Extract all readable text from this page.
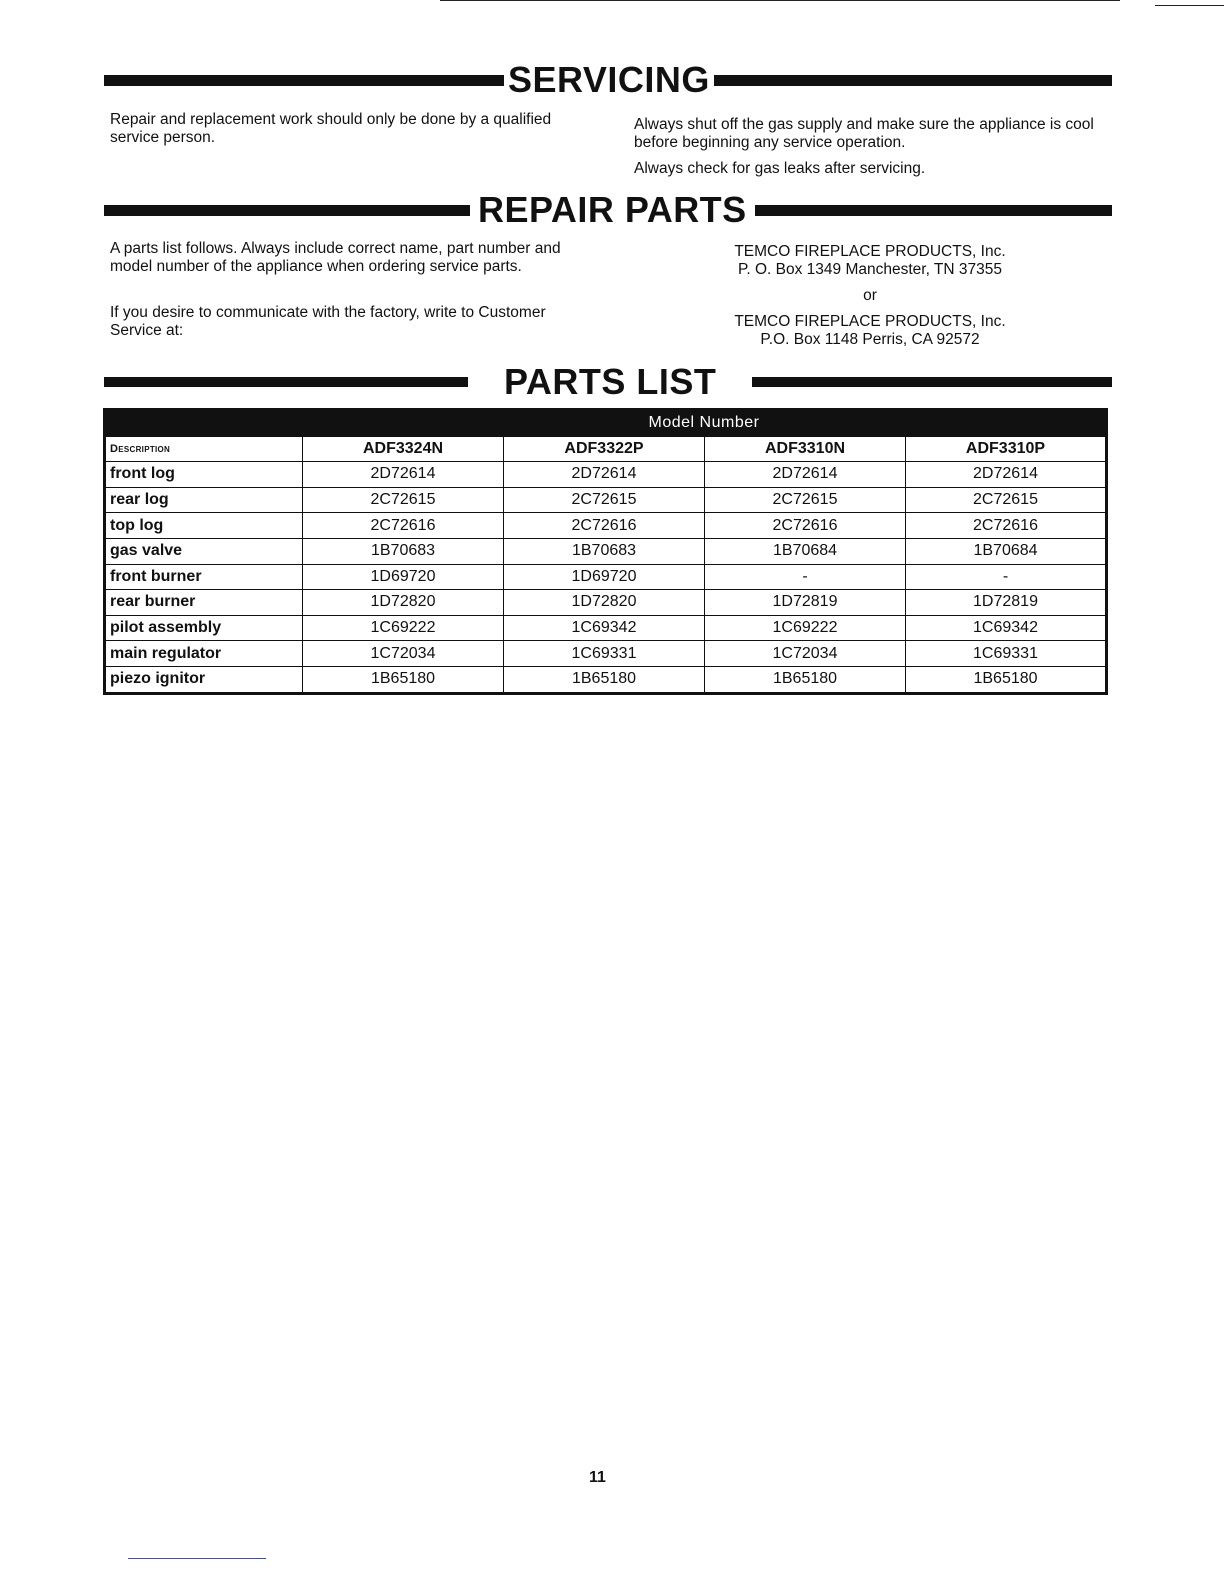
SERVICING

Repair and replacement work should only be done by a qualified service person.

Always shut off the gas supply and make sure the appliance is cool before beginning any service operation.

Always check for gas leaks after servicing.

REPAIR PARTS

A parts list follows. Always include correct name, part number and model number of the appliance when ordering service parts.

If you desire to communicate with the factory, write to Customer Service at:

TEMCO FIREPLACE PRODUCTS, Inc.
P. O. Box 1349 Manchester, TN 37355
or
TEMCO FIREPLACE PRODUCTS, Inc.
P.O. Box 1148 Perris, CA 92572
PARTS LIST
	Model Number			
Description	ADF3324N	ADF3322P	ADF3310N	ADF3310P
front log	2D72614	2D72614	2D72614	2D72614
rear log	2C72615	2C72615	2C72615	2C72615
top log	2C72616	2C72616	2C72616	2C72616
gas valve	1B70683	1B70683	1B70684	1B70684
front burner	1D69720	1D69720	-	-
rear burner	1D72820	1D72820	1D72819	1D72819
pilot assembly	1C69222	1C69342	1C69222	1C69342
main regulator	1C72034	1C69331	1C72034	1C69331
piezo ignitor	1B65180	1B65180	1B65180	1B65180
11
